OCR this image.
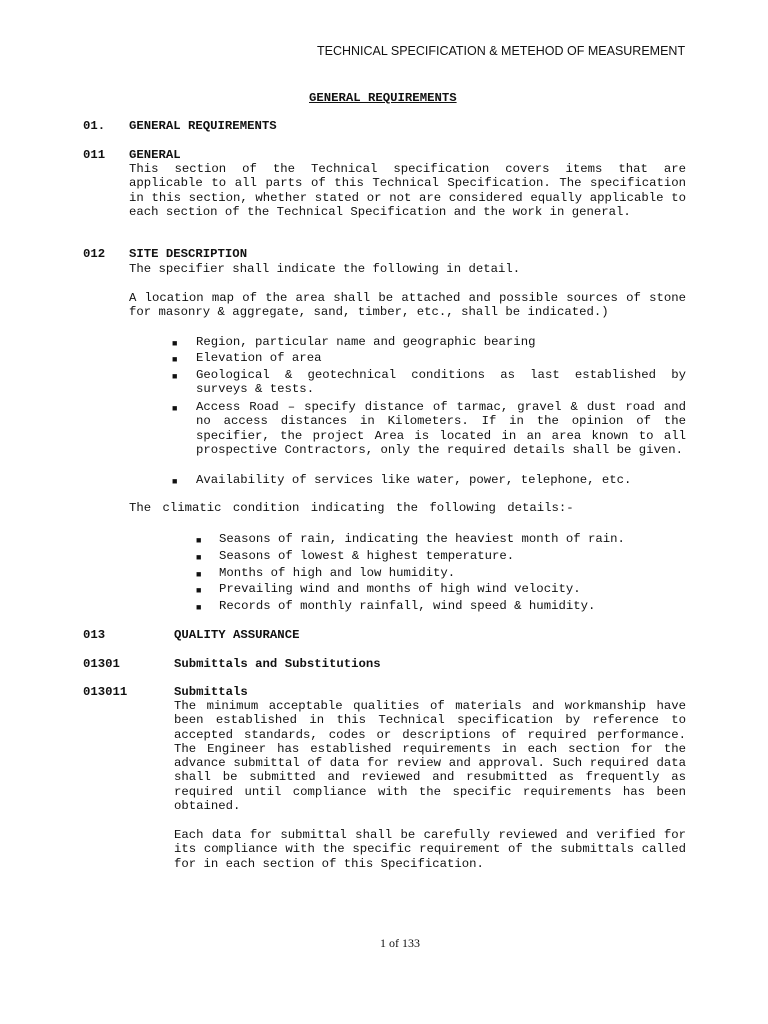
TECHNICAL SPECIFICATION & METEHOD OF MEASUREMENT
GENERAL REQUIREMENTS
01. GENERAL REQUIREMENTS
011 GENERAL
This section of the Technical specification covers items that are applicable to all parts of this Technical Specification. The specification in this section, whether stated or not are considered equally applicable to each section of the Technical Specification and the work in general.
012 SITE DESCRIPTION
The specifier shall indicate the following in detail.
A location map of the area shall be attached and possible sources of stone for masonry & aggregate, sand, timber, etc., shall be indicated.)
■	Region, particular name and geographic bearing
■	Elevation of area
■	Geological & geotechnical conditions as last established by surveys & tests.
■	Access Road – specify distance of tarmac, gravel & dust road and no access distances in Kilometers. If in the opinion of the specifier, the project Area is located in an area known to all prospective Contractors, only the required details shall be given.
■	Availability of services like water, power, telephone, etc.
The climatic condition indicating the following details:-
■	Seasons of rain, indicating the heaviest month of rain.
■	Seasons of lowest & highest temperature.
■	Months of high and low humidity.
■	Prevailing wind and months of high wind velocity.
■	Records of monthly rainfall, wind speed & humidity.
013	QUALITY ASSURANCE
01301	Submittals and Substitutions
013011	Submittals
The minimum acceptable qualities of materials and workmanship have been established in this Technical specification by reference to accepted standards, codes or descriptions of required performance. The Engineer has established requirements in each section for the advance submittal of data for review and approval. Such required data shall be submitted and reviewed and resubmitted as frequently as required until compliance with the specific requirements has been obtained.
Each data for submittal shall be carefully reviewed and verified for its compliance with the specific requirement of the submittals called for in each section of this Specification.
1 of 133
